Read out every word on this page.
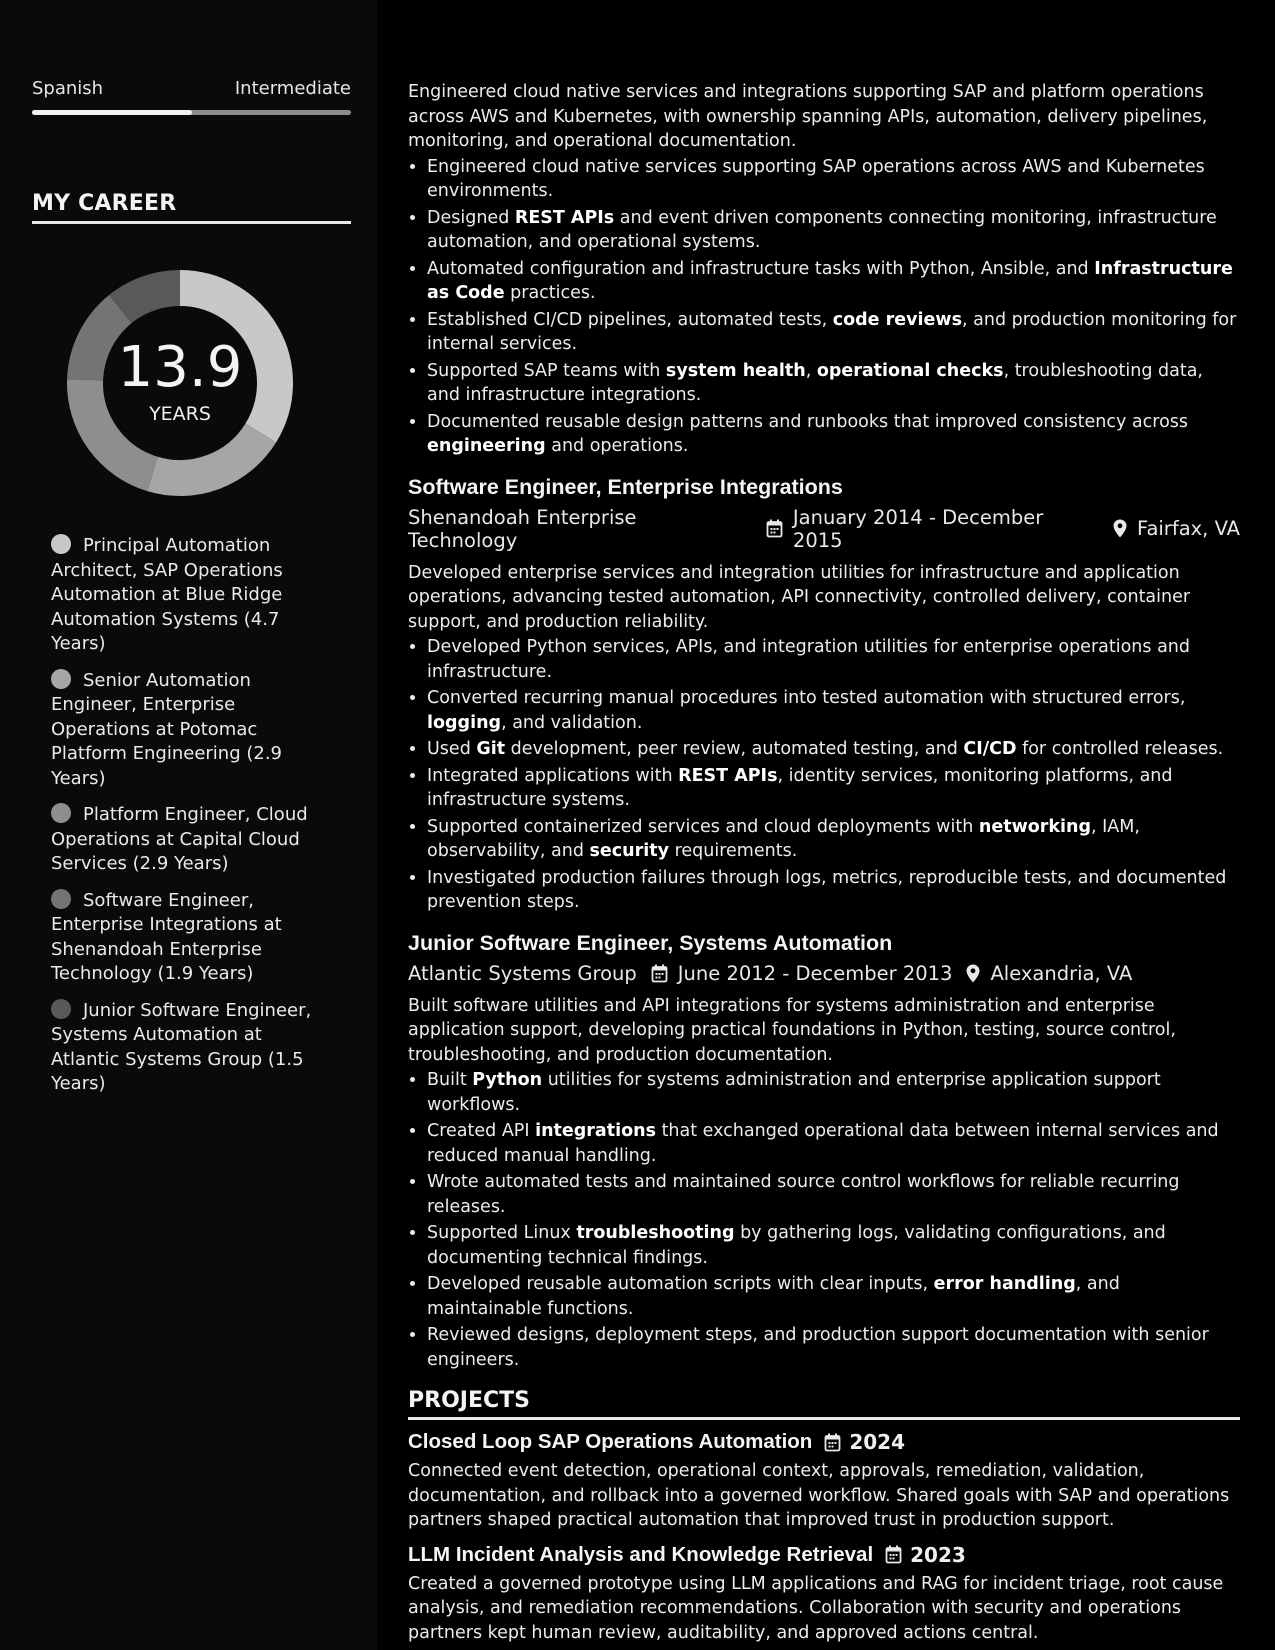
Spanish	Intermediate
MY CAREER
13.9
YEARS
Principal Automation Architect, SAP Operations Automation at Blue Ridge Automation Systems (4.7 Years)
Senior Automation Engineer, Enterprise Operations at Potomac Platform Engineering (2.9 Years)
Platform Engineer, Cloud Operations at Capital Cloud Services (2.9 Years)
Software Engineer, Enterprise Integrations at Shenandoah Enterprise Technology (1.9 Years)
Junior Software Engineer, Systems Automation at Atlantic Systems Group (1.5 Years)

Engineered cloud native services and integrations supporting SAP and platform operations across AWS and Kubernetes, with ownership spanning APIs, automation, delivery pipelines, monitoring, and operational documentation.

• Engineered cloud native services supporting SAP operations across AWS and Kubernetes environments.
• Designed REST APIs and event driven components connecting monitoring, infrastructure automation, and operational systems.
• Automated configuration and infrastructure tasks with Python, Ansible, and Infrastructure as Code practices.
• Established CI/CD pipelines, automated tests, code reviews, and production monitoring for internal services.
• Supported SAP teams with system health, operational checks, troubleshooting data, and infrastructure integrations.
• Documented reusable design patterns and runbooks that improved consistency across engineering and operations.
Software Engineer, Enterprise Integrations
Shenandoah Enterprise Technology
January 2014 - December 2015	Fairfax, VA

Developed enterprise services and integration utilities for infrastructure and application operations, advancing tested automation, API connectivity, controlled delivery, container support, and production reliability.

• Developed Python services, APIs, and integration utilities for enterprise operations and infrastructure.
• Converted recurring manual procedures into tested automation with structured errors, logging, and validation.
• Used Git development, peer review, automated testing, and CI/CD for controlled releases.
• Integrated applications with REST APIs, identity services, monitoring platforms, and infrastructure systems.
• Supported containerized services and cloud deployments with networking, IAM, observability, and security requirements.
• Investigated production failures through logs, metrics, reproducible tests, and documented prevention steps.
Junior Software Engineer, Systems Automation
Atlantic Systems Group June 2012 - December 2013 Alexandria, VA

Built software utilities and API integrations for systems administration and enterprise application support, developing practical foundations in Python, testing, source control, troubleshooting, and production documentation.

• Built Python utilities for systems administration and enterprise application support workflows.
• Created API integrations that exchanged operational data between internal services and reduced manual handling.
• Wrote automated tests and maintained source control workflows for reliable recurring releases.
• Supported Linux troubleshooting by gathering logs, validating configurations, and documenting technical findings.
• Developed reusable automation scripts with clear inputs, error handling, and maintainable functions.
• Reviewed designs, deployment steps, and production support documentation with senior engineers.
PROJECTS
Closed Loop SAP Operations Automation 2024
Connected event detection, operational context, approvals, remediation, validation, documentation, and rollback into a governed workflow. Shared goals with SAP and operations partners shaped practical automation that improved trust in production support.
LLM Incident Analysis and Knowledge Retrieval 2023
Created a governed prototype using LLM applications and RAG for incident triage, root cause analysis, and remediation recommendations. Collaboration with security and operations partners kept human review, auditability, and approved actions central.
